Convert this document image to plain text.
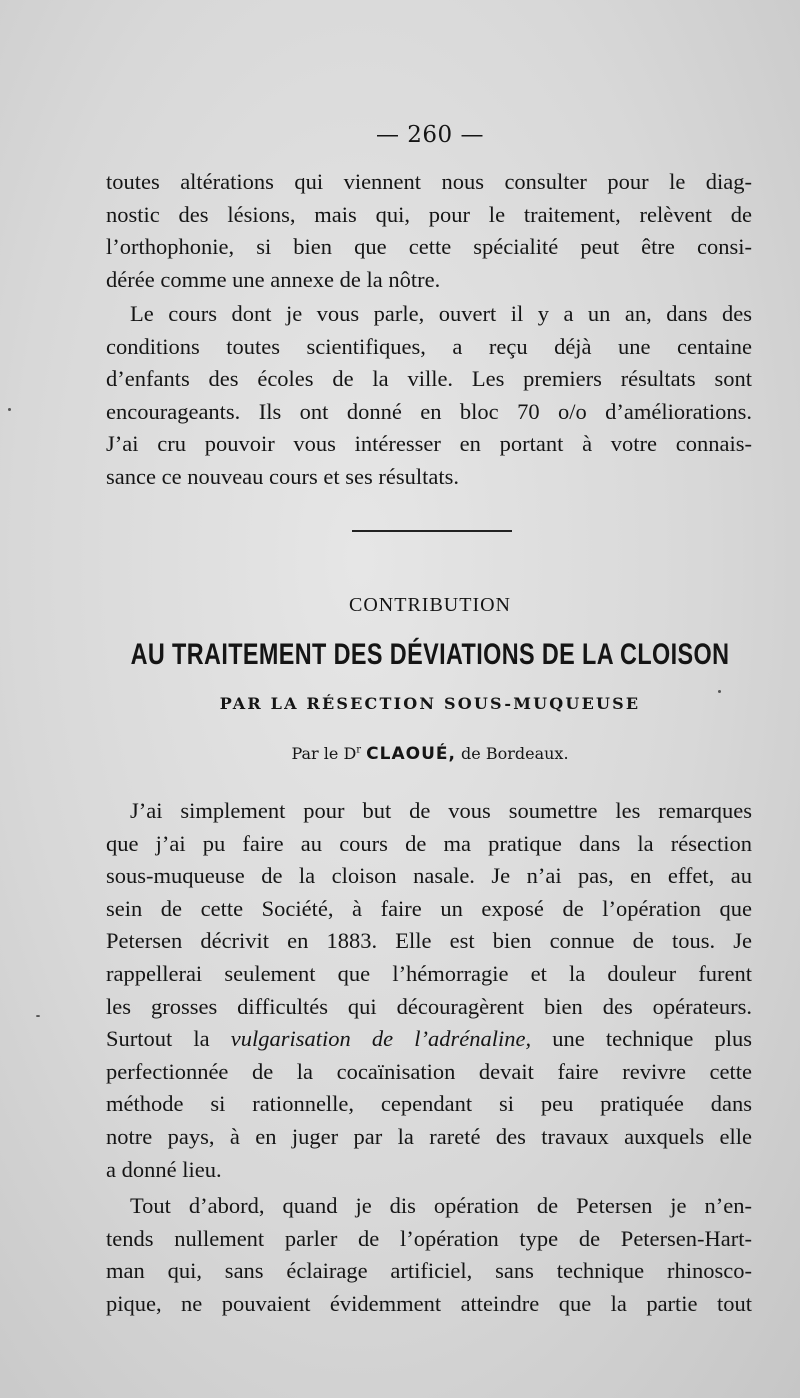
— 260 —
toutes altérations qui viennent nous consulter pour le diag-
nostic des lésions, mais qui, pour le traitement, relèvent de
l’orthophonie, si bien que cette spécialité peut être consi-
dérée comme une annexe de la nôtre.
Le cours dont je vous parle, ouvert il y a un an, dans des
conditions toutes scientifiques, a reçu déjà une centaine
d’enfants des écoles de la ville. Les premiers résultats sont
encourageants. Ils ont donné en bloc 70 o/o d’améliorations.
J’ai cru pouvoir vous intéresser en portant à votre connais-
sance ce nouveau cours et ses résultats.
CONTRIBUTION
AU TRAITEMENT DES DÉVIATIONS DE LA CLOISON
PAR LA RÉSECTION SOUS-MUQUEUSE
Par le $D^r$ CLAOUÉ, de Bordeaux.
J’ai simplement pour but de vous soumettre les remarques
que j’ai pu faire au cours de ma pratique dans la résection
sous-muqueuse de la cloison nasale. Je n’ai pas, en effet, au
sein de cette Société, à faire un exposé de l’opération que
Petersen décrivit en 1883. Elle est bien connue de tous. Je
rappellerai seulement que l’hémorragie et la douleur furent
les grosses difficultés qui découragèrent bien des opérateurs.
Surtout la vulgarisation de l’adrénaline, une technique plus
perfectionnée de la cocaïnisation devait faire revivre cette
méthode si rationnelle, cependant si peu pratiquée dans
notre pays, à en juger par la rareté des travaux auxquels elle
a donné lieu.
Tout d’abord, quand je dis opération de Petersen je n’en-
tends nullement parler de l’opération type de Petersen-Hart-
man qui, sans éclairage artificiel, sans technique rhinosco-
pique, ne pouvaient évidemment atteindre que la partie tout
